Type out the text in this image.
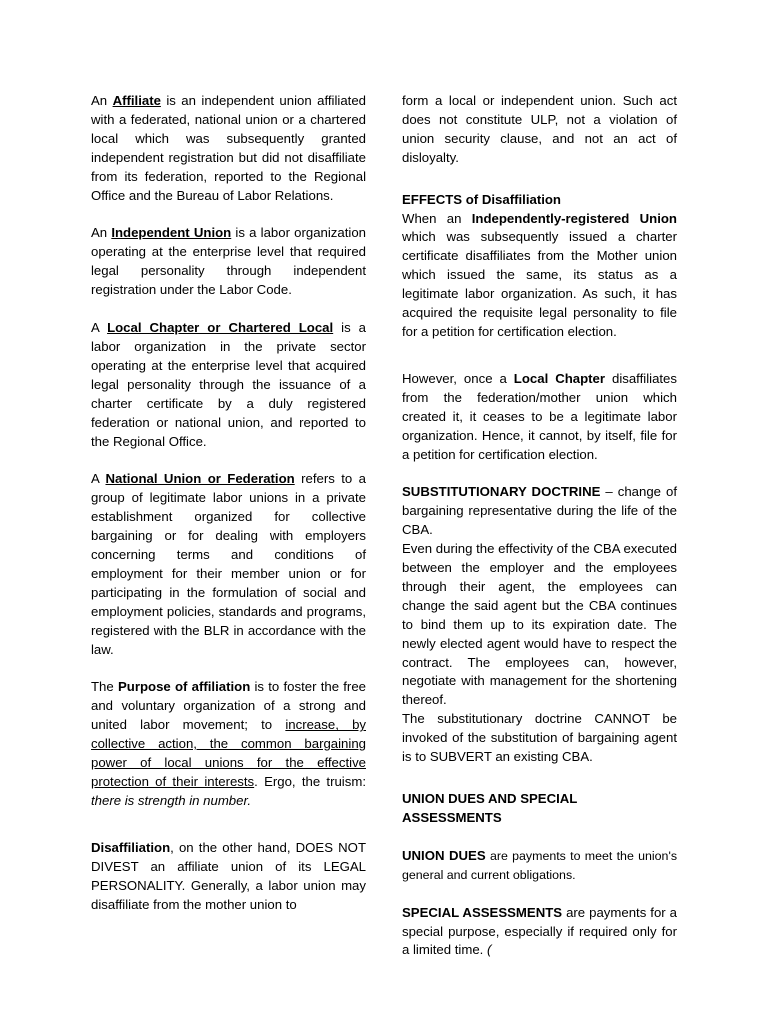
An Affiliate is an independent union affiliated with a federated, national union or a chartered local which was subsequently granted independent registration but did not disaffiliate from its federation, reported to the Regional Office and the Bureau of Labor Relations.

An Independent Union is a labor organization operating at the enterprise level that required legal personality through independent registration under the Labor Code.

A Local Chapter or Chartered Local is a labor organization in the private sector operating at the enterprise level that acquired legal personality through the issuance of a charter certificate by a duly registered federation or national union, and reported to the Regional Office.

A National Union or Federation refers to a group of legitimate labor unions in a private establishment organized for collective bargaining or for dealing with employers concerning terms and conditions of employment for their member union or for participating in the formulation of social and employment policies, standards and programs, registered with the BLR in accordance with the law.

The Purpose of affiliation is to foster the free and voluntary organization of a strong and united labor movement; to increase, by collective action, the common bargaining power of local unions for the effective protection of their interests. Ergo, the truism: there is strength in number.

Disaffiliation, on the other hand, DOES NOT DIVEST an affiliate union of its LEGAL PERSONALITY. Generally, a labor union may disaffiliate from the mother union to

form a local or independent union. Such act does not constitute ULP, not a violation of union security clause, and not an act of disloyalty.

EFFECTS of Disaffiliation

When an Independently-registered Union which was subsequently issued a charter certificate disaffiliates from the Mother union which issued the same, its status as a legitimate labor organization. As such, it has acquired the requisite legal personality to file for a petition for certification election.

However, once a Local Chapter disaffiliates from the federation/mother union which created it, it ceases to be a legitimate labor organization. Hence, it cannot, by itself, file for a petition for certification election.

SUBSTITUTIONARY DOCTRINE – change of bargaining representative during the life of the CBA.

Even during the effectivity of the CBA executed between the employer and the employees through their agent, the employees can change the said agent but the CBA continues to bind them up to its expiration date. The newly elected agent would have to respect the contract. The employees can, however, negotiate with management for the shortening thereof.

The substitutionary doctrine CANNOT be invoked of the substitution of bargaining agent is to SUBVERT an existing CBA.

UNION DUES AND SPECIAL ASSESSMENTS

UNION DUES are payments to meet the union's general and current obligations.

SPECIAL ASSESSMENTS are payments for a special purpose, especially if required only for a limited time. (
